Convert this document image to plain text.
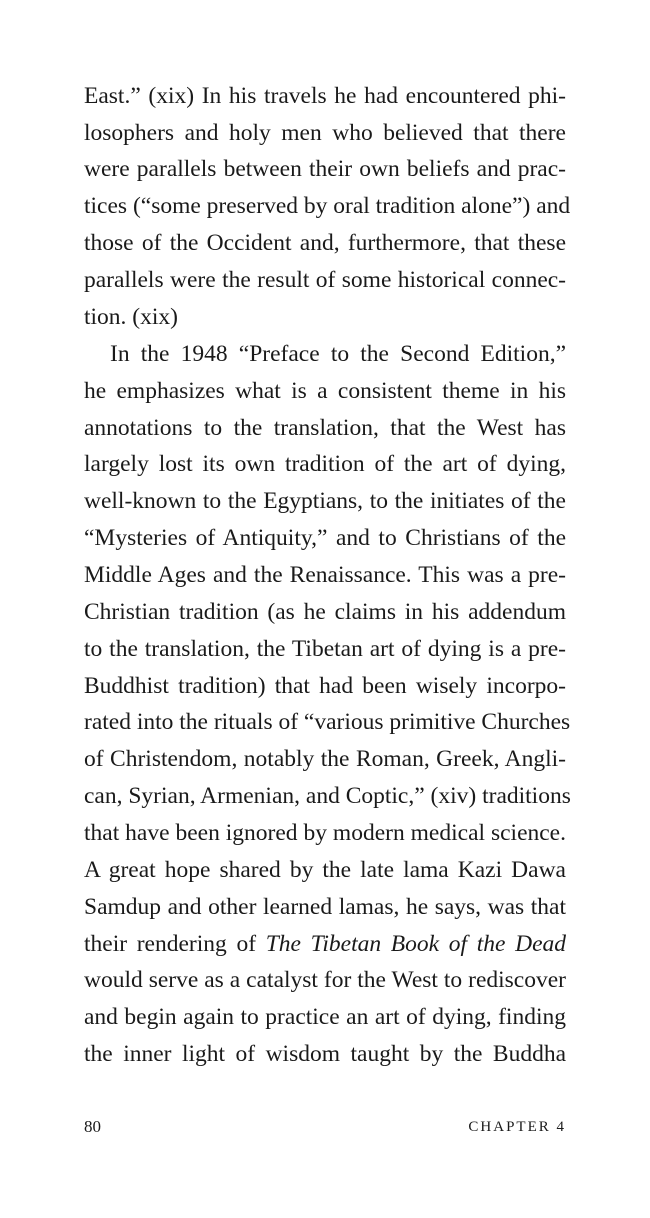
East.” (xix) In his travels he had encountered phi-
losophers and holy men who believed that there
were parallels between their own beliefs and prac-
tices (“some preserved by oral tradition alone”) and
those of the Occident and, furthermore, that these
parallels were the result of some historical connec-
tion. (xix)
In the 1948 “Preface to the Second Edition,”
he emphasizes what is a consistent theme in his
annotations to the translation, that the West has
largely lost its own tradition of the art of dying,
well-known to the Egyptians, to the initiates of the
“Mysteries of Antiquity,” and to Christians of the
Middle Ages and the Renaissance. This was a pre-
Christian tradition (as he claims in his addendum
to the translation, the Tibetan art of dying is a pre-
Buddhist tradition) that had been wisely incorpo-
rated into the rituals of “various primitive Churches
of Christendom, notably the Roman, Greek, Angli-
can, Syrian, Armenian, and Coptic,” (xiv) traditions
that have been ignored by modern medical science.
A great hope shared by the late lama Kazi Dawa
Samdup and other learned lamas, he says, was that
their rendering of The Tibetan Book of the Dead
would serve as a catalyst for the West to rediscover
and begin again to practice an art of dying, finding
the inner light of wisdom taught by the Buddha
80	CHAPTER 4
